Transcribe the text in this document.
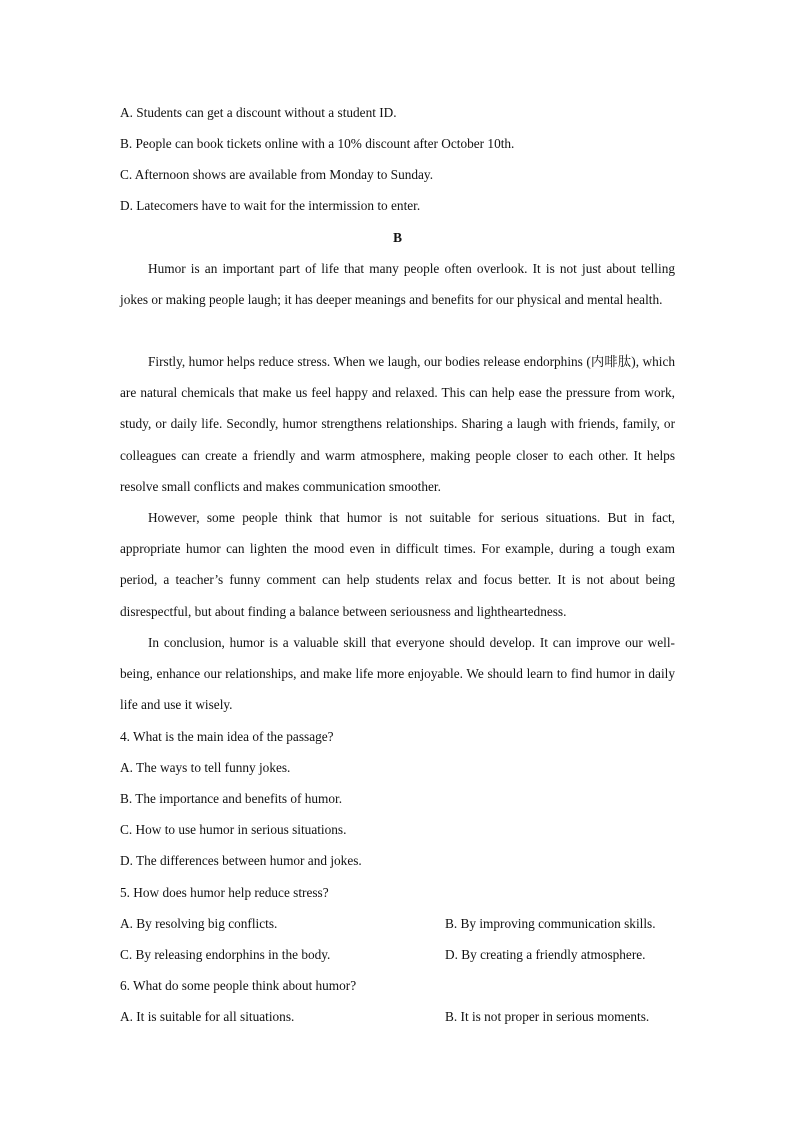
A. Students can get a discount without a student ID.
B. People can book tickets online with a 10% discount after October 10th.
C. Afternoon shows are available from Monday to Sunday.
D. Latecomers have to wait for the intermission to enter.
B
Humor is an important part of life that many people often overlook. It is not just about telling jokes or making people laugh; it has deeper meanings and benefits for our physical and mental health.
Firstly, humor helps reduce stress. When we laugh, our bodies release endorphins (内啡肽), which are natural chemicals that make us feel happy and relaxed. This can help ease the pressure from work, study, or daily life. Secondly, humor strengthens relationships. Sharing a laugh with friends, family, or colleagues can create a friendly and warm atmosphere, making people closer to each other. It helps resolve small conflicts and makes communication smoother.
However, some people think that humor is not suitable for serious situations. But in fact, appropriate humor can lighten the mood even in difficult times. For example, during a tough exam period, a teacher’s funny comment can help students relax and focus better. It is not about being disrespectful, but about finding a balance between seriousness and lightheartedness.
In conclusion, humor is a valuable skill that everyone should develop. It can improve our well-being, enhance our relationships, and make life more enjoyable. We should learn to find humor in daily life and use it wisely.
4. What is the main idea of the passage?
A. The ways to tell funny jokes.
B. The importance and benefits of humor.
C. How to use humor in serious situations.
D. The differences between humor and jokes.
5. How does humor help reduce stress?
A. By resolving big conflicts.	B. By improving communication skills.
C. By releasing endorphins in the body.	D. By creating a friendly atmosphere.
6. What do some people think about humor?
A. It is suitable for all situations.	B. It is not proper in serious moments.
